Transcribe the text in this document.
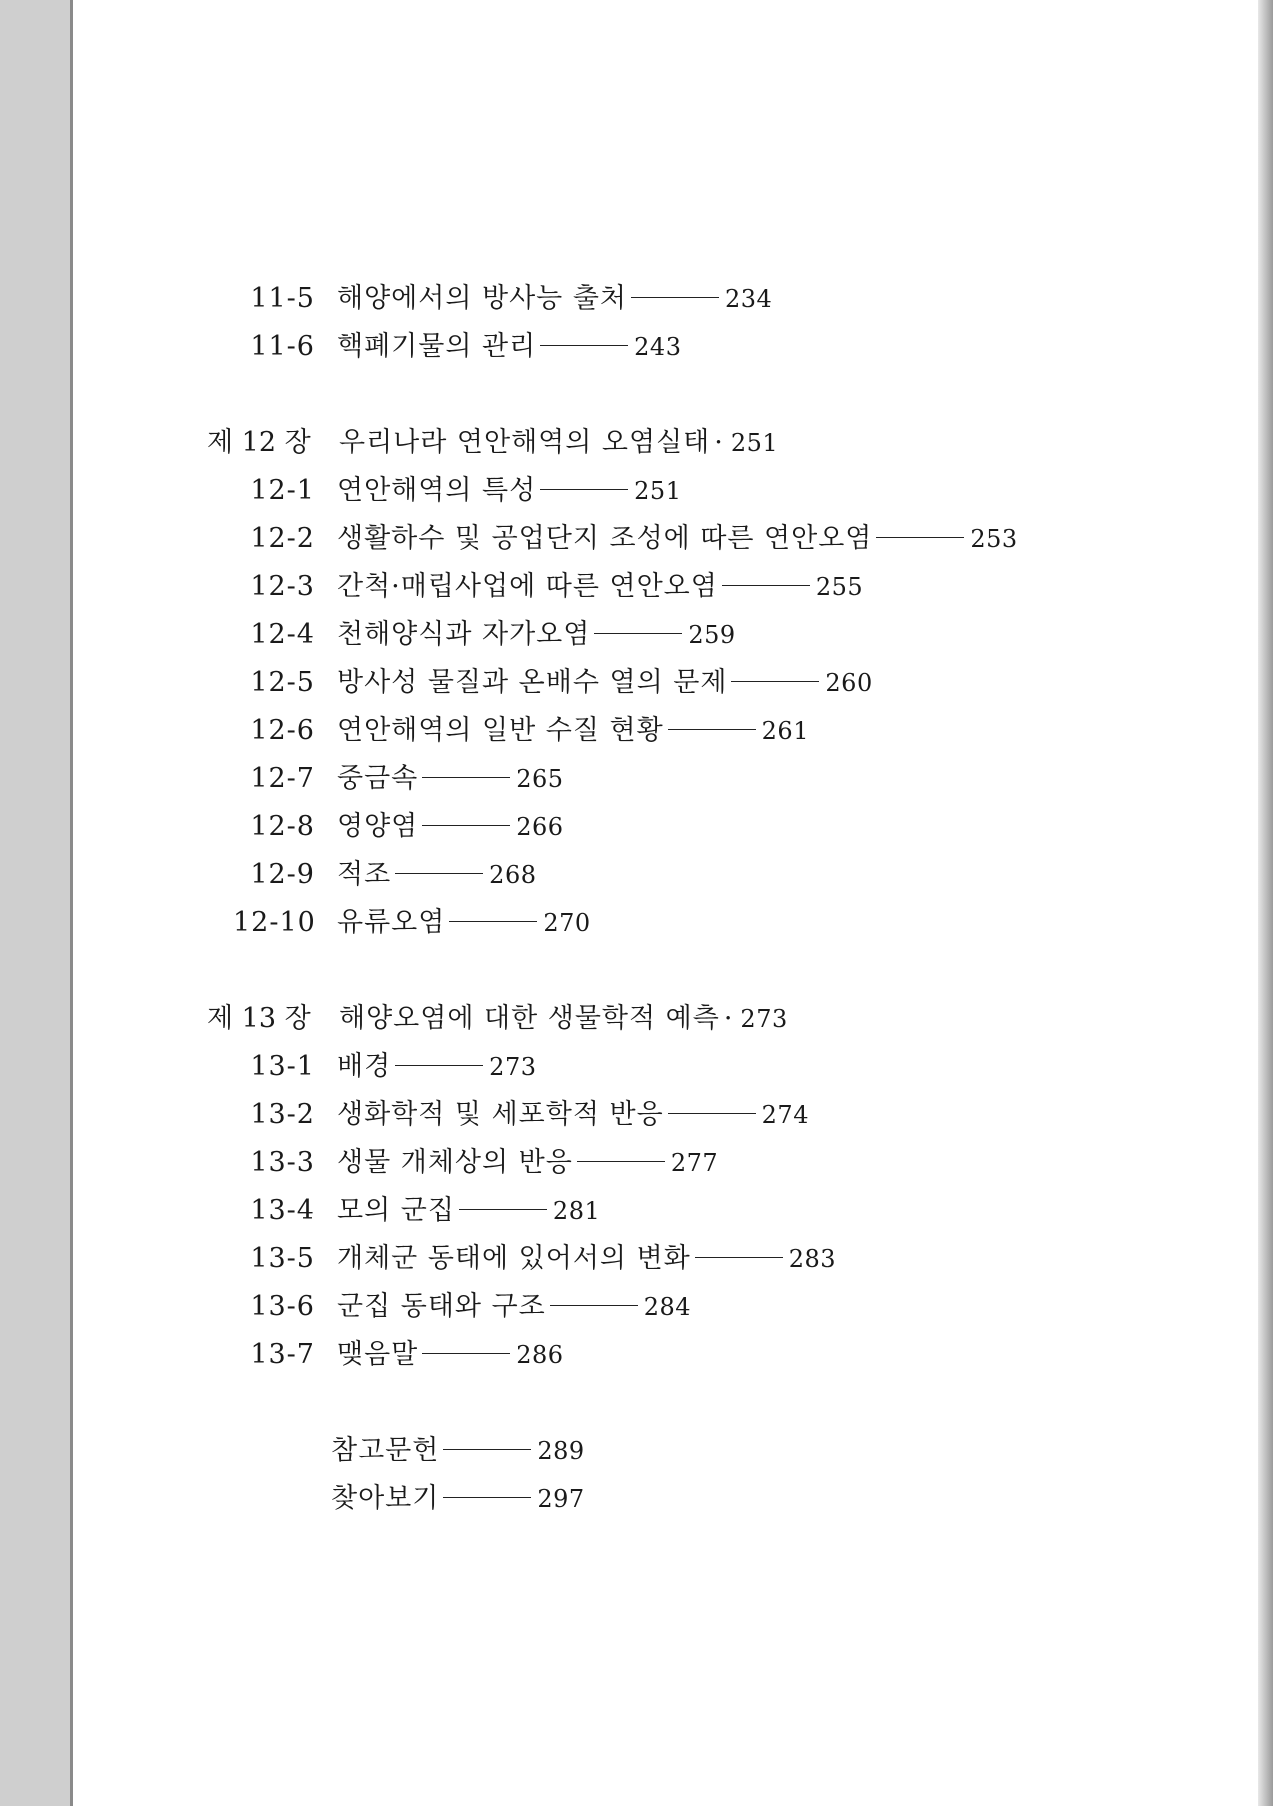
11-5 해양에서의 방사능 출처	234
11-6 핵폐기물의 관리	243
제 12 장	우리나라 연안해역의 오염실태 · 251
12-1 연안해역의 특성	251
12-2 생활하수 및 공업단지 조성에 따른 연안오염	253
12-3 간척·매립사업에 따른 연안오염	255
12-4 천해양식과 자가오염	259
12-5 방사성 물질과 온배수 열의 문제	260
12-6 연안해역의 일반 수질 현황	261
12-7 중금속	265
12-8 영양염	266
12-9 적조	268
12-10 유류오염	270
제 13 장	해양오염에 대한 생물학적 예측 · 273
13-1 배경	273
13-2 생화학적 및 세포학적 반응	274
13-3 생물 개체상의 반응	277
13-4 모의 군집	281
13-5 개체군 동태에 있어서의 변화	283
13-6 군집 동태와 구조	284
13-7 맺음말	286
참고문헌	289
찾아보기	297
